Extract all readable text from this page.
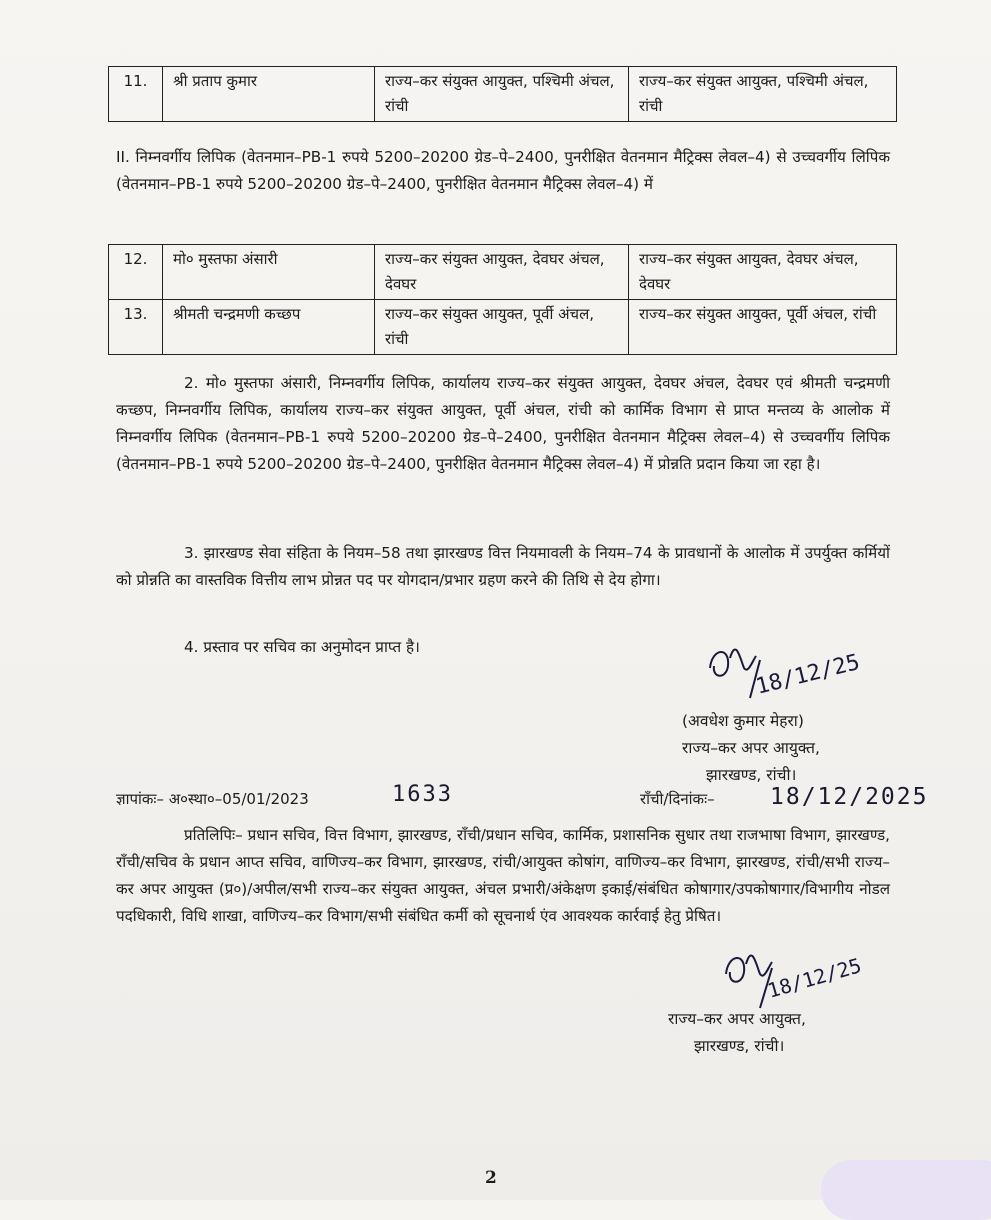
11.	श्री प्रताप कुमार	राज्य–कर संयुक्त आयुक्त, पश्चिमी अंचल, रांची	राज्य–कर संयुक्त आयुक्त, पश्चिमी अंचल, रांची

II. निम्नवर्गीय लिपिक (वेतनमान–PB-1 रुपये 5200–20200 ग्रेड–पे–2400, पुनरीक्षित वेतनमान मैट्रिक्स लेवल–4) से उच्चवर्गीय लिपिक (वेतनमान–PB-1 रुपये 5200–20200 ग्रेड–पे–2400, पुनरीक्षित वेतनमान मैट्रिक्स लेवल–4) में

12.	मो० मुस्तफा अंसारी	राज्य–कर संयुक्त आयुक्त, देवघर अंचल, देवघर	राज्य–कर संयुक्त आयुक्त, देवघर अंचल, देवघर
13.	श्रीमती चन्द्रमणी कच्छप	राज्य–कर संयुक्त आयुक्त, पूर्वी अंचल, रांची	राज्य–कर संयुक्त आयुक्त, पूर्वी अंचल, रांची

2. मो० मुस्तफा अंसारी, निम्नवर्गीय लिपिक, कार्यालय राज्य–कर संयुक्त आयुक्त, देवघर अंचल, देवघर एवं श्रीमती चन्द्रमणी कच्छप, निम्नवर्गीय लिपिक, कार्यालय राज्य–कर संयुक्त आयुक्त, पूर्वी अंचल, रांची को कार्मिक विभाग से प्राप्त मन्तव्य के आलोक में निम्नवर्गीय लिपिक (वेतनमान–PB-1 रुपये 5200–20200 ग्रेड–पे–2400, पुनरीक्षित वेतनमान मैट्रिक्स लेवल–4) से उच्चवर्गीय लिपिक (वेतनमान–PB-1 रुपये 5200–20200 ग्रेड–पे–2400, पुनरीक्षित वेतनमान मैट्रिक्स लेवल–4) में प्रोन्नति प्रदान किया जा रहा है।

3. झारखण्ड सेवा संहिता के नियम–58 तथा झारखण्ड वित्त नियमावली के नियम–74 के प्रावधानों के आलोक में उपर्युक्त कर्मियों को प्रोन्नति का वास्तविक वित्तीय लाभ प्रोन्नत पद पर योगदान/प्रभार ग्रहण करने की तिथि से देय होगा।

4. प्रस्ताव पर सचिव का अनुमोदन प्राप्त है।

18/12/25
(अवधेश कुमार मेहरा)
राज्य–कर अपर आयुक्त,
झारखण्ड, रांची।
ज्ञापांकः– अ०स्था०–05/01/2023	1633	राँची/दिनांकः– 18/12/2025

प्रतिलिपिः– प्रधान सचिव, वित्त विभाग, झारखण्ड, राँची/प्रधान सचिव, कार्मिक, प्रशासनिक सुधार तथा राजभाषा विभाग, झारखण्ड, राँची/सचिव के प्रधान आप्त सचिव, वाणिज्य–कर विभाग, झारखण्ड, रांची/आयुक्त कोषांग, वाणिज्य–कर विभाग, झारखण्ड, रांची/सभी राज्य–कर अपर आयुक्त (प्र०)/अपील/सभी राज्य–कर संयुक्त आयुक्त, अंचल प्रभारी/अंकेक्षण इकाई/संबंधित कोषागार/उपकोषागार/विभागीय नोडल पदधिकारी, विधि शाखा, वाणिज्य–कर विभाग/सभी संबंधित कर्मी को सूचनार्थ एंव आवश्यक कार्रवाई हेतु प्रेषित।

18/12/25
राज्य–कर अपर आयुक्त,
झारखण्ड, रांची।
2
